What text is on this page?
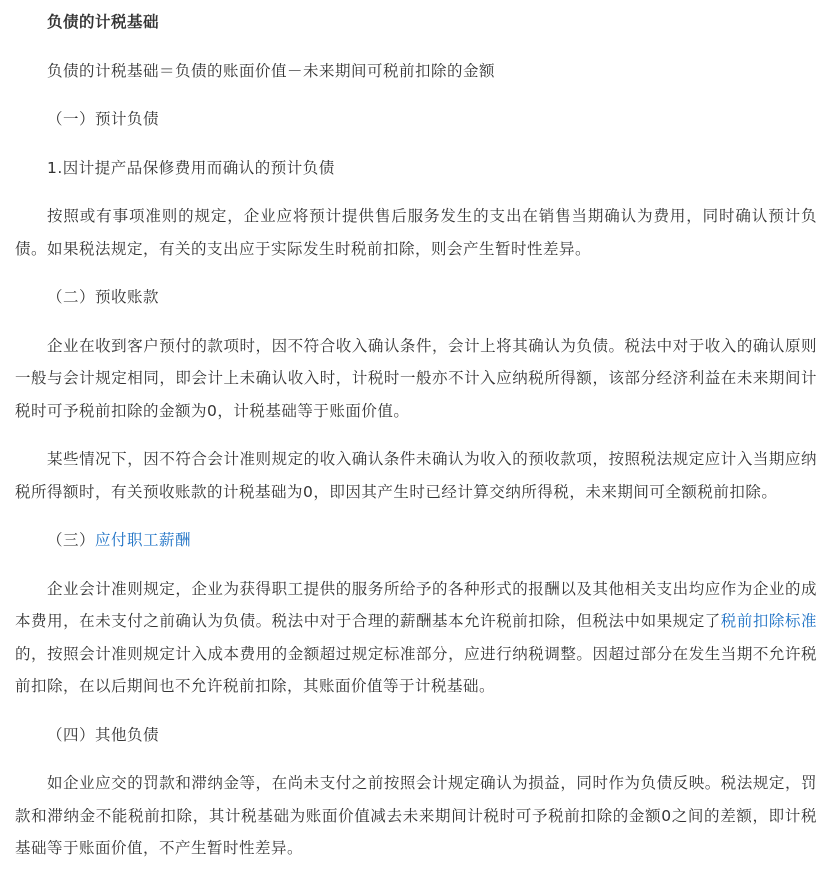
负债的计税基础

负债的计税基础＝负债的账面价值－未来期间可税前扣除的金额

（一）预计负债

1.因计提产品保修费用而确认的预计负债

按照或有事项准则的规定，企业应将预计提供售后服务发生的支出在销售当期确认为费用，同时确认预计负债。如果税法规定，有关的支出应于实际发生时税前扣除，则会产生暂时性差异。

（二）预收账款

企业在收到客户预付的款项时，因不符合收入确认条件，会计上将其确认为负债。税法中对于收入的确认原则一般与会计规定相同，即会计上未确认收入时，计税时一般亦不计入应纳税所得额，该部分经济利益在未来期间计税时可予税前扣除的金额为0，计税基础等于账面价值。

某些情况下，因不符合会计准则规定的收入确认条件未确认为收入的预收款项，按照税法规定应计入当期应纳税所得额时，有关预收账款的计税基础为0，即因其产生时已经计算交纳所得税，未来期间可全额税前扣除。

（三）应付职工薪酬

企业会计准则规定，企业为获得职工提供的服务所给予的各种形式的报酬以及其他相关支出均应作为企业的成本费用，在未支付之前确认为负债。税法中对于合理的薪酬基本允许税前扣除，但税法中如果规定了税前扣除标准的，按照会计准则规定计入成本费用的金额超过规定标准部分，应进行纳税调整。因超过部分在发生当期不允许税前扣除，在以后期间也不允许税前扣除，其账面价值等于计税基础。

（四）其他负债

如企业应交的罚款和滞纳金等，在尚未支付之前按照会计规定确认为损益，同时作为负债反映。税法规定，罚款和滞纳金不能税前扣除，其计税基础为账面价值减去未来期间计税时可予税前扣除的金额0之间的差额，即计税基础等于账面价值，不产生暂时性差异。
